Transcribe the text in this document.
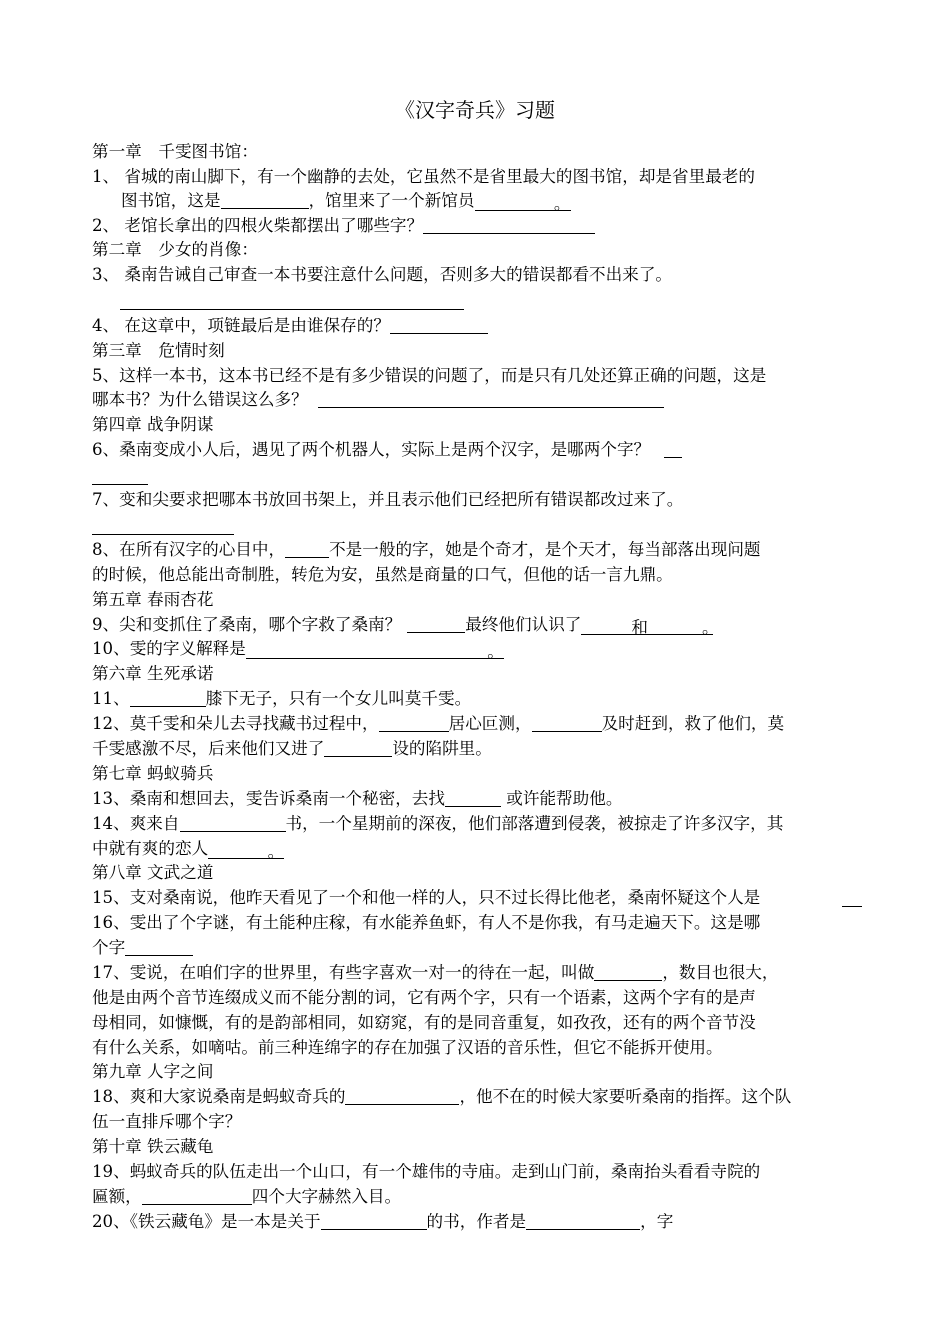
《汉字奇兵》习题
第一章　千雯图书馆：
1、 省城的南山脚下，有一个幽静的去处，它虽然不是省里最大的图书馆，却是省里最老的
图书馆，这是	，馆里来了一个新馆员	。
2、 老馆长拿出的四根火柴都摆出了哪些字？
第二章　少女的肖像：
3、 桑南告诫自己审查一本书要注意什么问题，否则多大的错误都看不出来了。
4、 在这章中，项链最后是由谁保存的？
第三章　危情时刻
5、这样一本书，这本书已经不是有多少错误的问题了，而是只有几处还算正确的问题，这是
哪本书？为什么错误这么多？
第四章 战争阴谋
6、桑南变成小人后，遇见了两个机器人，实际上是两个汉字，是哪两个字？
7、变和尖要求把哪本书放回书架上，并且表示他们已经把所有错误都改过来了。
8、在所有汉字的心目中，	不是一般的字，她是个奇才，是个天才，每当部落出现问题
的时候，他总能出奇制胜，转危为安，虽然是商量的口气，但他的话一言九鼎。
第五章 春雨杏花
9、尖和变抓住了桑南，哪个字救了桑南？	最终他们认识了	和	。
10、雯的字义解释是	。
第六章 生死承诺
11、	膝下无子，只有一个女儿叫莫千雯。
12、莫千雯和朵儿去寻找藏书过程中，	居心叵测，	及时赶到，救了他们，莫
千雯感激不尽，后来他们又进了	设的陷阱里。
第七章 蚂蚁骑兵
13、桑南和想回去，雯告诉桑南一个秘密，去找	或许能帮助他。
14、爽来自	书，一个星期前的深夜，他们部落遭到侵袭，被掠走了许多汉字，其
中就有爽的恋人	。
第八章 文武之道
15、支对桑南说，他昨天看见了一个和他一样的人，只不过长得比他老，桑南怀疑这个人是
16、雯出了个字谜，有土能种庄稼，有水能养鱼虾，有人不是你我，有马走遍天下。这是哪
个字
17、雯说，在咱们字的世界里，有些字喜欢一对一的待在一起，叫做	，数目也很大，
他是由两个音节连缀成义而不能分割的词，它有两个字，只有一个语素，这两个字有的是声
母相同，如慷慨，有的是韵部相同，如窈窕，有的是同音重复，如孜孜，还有的两个音节没
有什么关系，如嘀咕。前三种连绵字的存在加强了汉语的音乐性，但它不能拆开使用。
第九章 人字之间
18、爽和大家说桑南是蚂蚁奇兵的	，他不在的时候大家要听桑南的指挥。这个队
伍一直排斥哪个字？
第十章 铁云藏龟
19、蚂蚁奇兵的队伍走出一个山口，有一个雄伟的寺庙。走到山门前，桑南抬头看看寺院的
匾额，	四个大字赫然入目。
20、《铁云藏龟》是一本是关于	的书，作者是	，字
